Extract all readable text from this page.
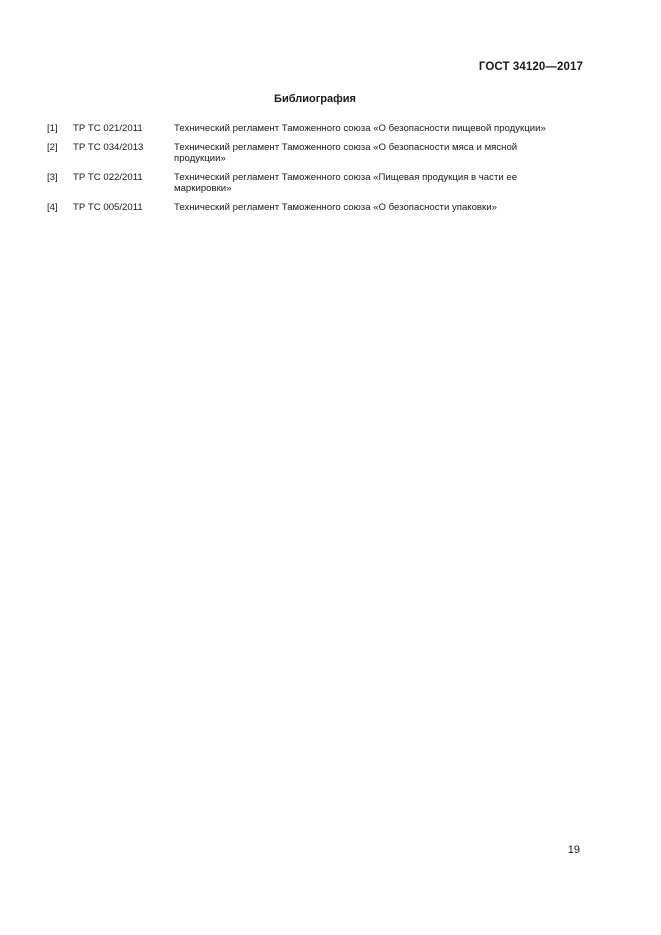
ГОСТ 34120—2017
Библиография
[1]	ТР ТС 021/2011	Технический регламент Таможенного союза «О безопасности пищевой продукции»
[2]	ТР ТС 034/2013	Технический регламент Таможенного союза «О безопасности мяса и мясной продукции»
[3]	ТР ТС 022/2011	Технический регламент Таможенного союза «Пищевая продукция в части ее маркировки»
[4]	ТР ТС 005/2011	Технический регламент Таможенного союза «О безопасности упаковки»
19
